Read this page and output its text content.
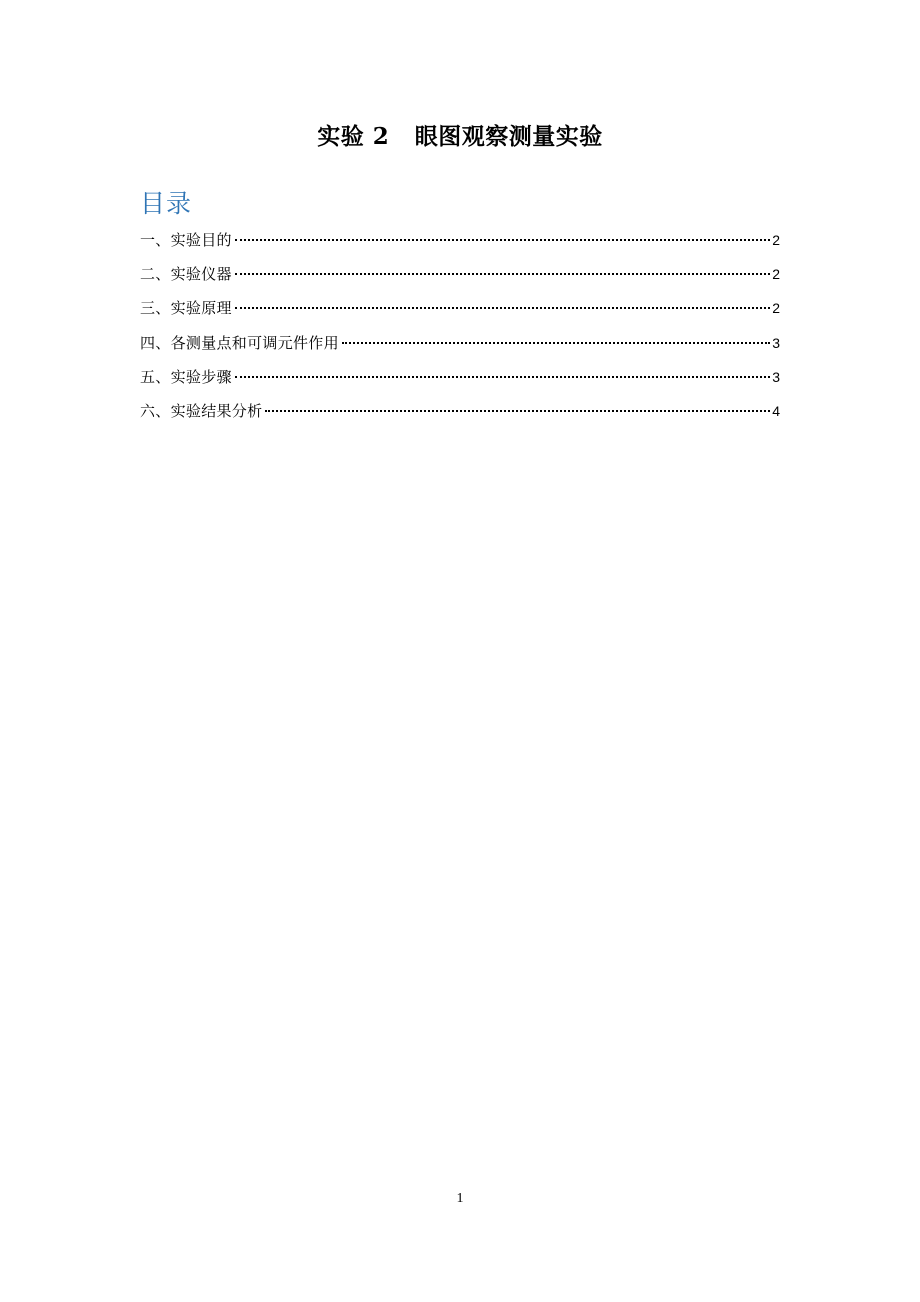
实验 2   眼图观察测量实验
目录
一、实验目的	2
二、实验仪器	2
三、实验原理	2
四、各测量点和可调元件作用	3
五、实验步骤	3
六、实验结果分析	4
1
